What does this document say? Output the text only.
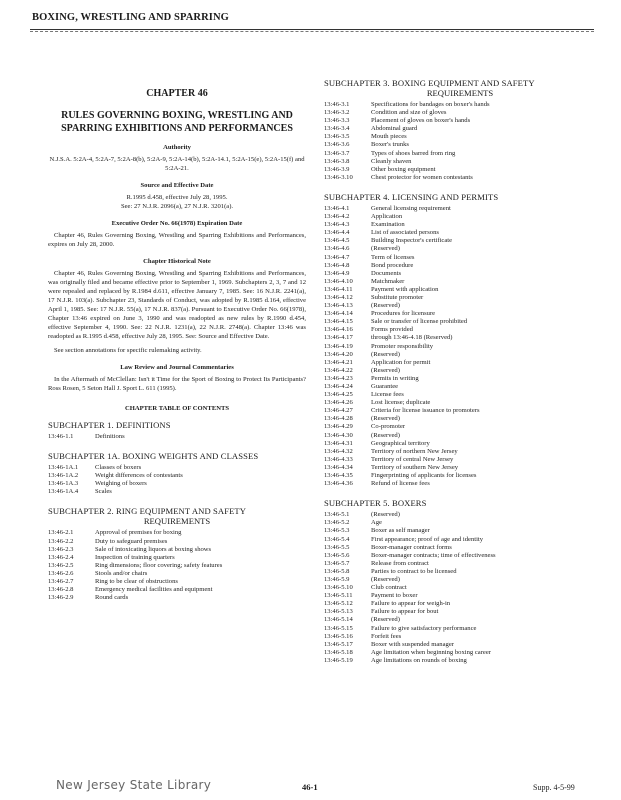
BOXING, WRESTLING AND SPARRING
CHAPTER 46
RULES GOVERNING BOXING, WRESTLING AND SPARRING EXHIBITIONS AND PERFORMANCES
Authority
N.J.S.A. 5:2A-4, 5:2A-7, 5:2A-8(b), 5:2A-9, 5:2A-14(b), 5:2A-14.1, 5:2A-15(e), 5:2A-15(f) and 5:2A-21.
Source and Effective Date
R.1995 d.458, effective July 28, 1995.
See: 27 N.J.R. 2096(a), 27 N.J.R. 3201(a).
Executive Order No. 66(1978) Expiration Date
Chapter 46, Rules Governing Boxing, Wrestling and Sparring Exhibitions and Performances, expires on July 28, 2000.
Chapter Historical Note
Chapter 46, Rules Governing Boxing, Wrestling and Sparring Exhibitions and Performances, was originally filed and became effective prior to September 1, 1969. Subchapters 2, 3, 7 and 12 were repealed and replaced by R.1984 d.611, effective January 7, 1985. See: 16 N.J.R. 2241(a), 17 N.J.R. 103(a). Subchapter 23, Standards of Conduct, was adopted by R.1985 d.164, effective April 1, 1985. See: 17 N.J.R. 55(a), 17 N.J.R. 837(a). Pursuant to Executive Order No. 66(1978), Chapter 13:46 expired on June 3, 1990 and was readopted as new rules by R.1990 d.454, effective September 4, 1990. See: 22 N.J.R. 1231(a), 22 N.J.R. 2748(a). Chapter 13:46 was readopted as R.1995 d.458, effective July 28, 1995. See: Source and Effective Date.
See section annotations for specific rulemaking activity.
Law Review and Journal Commentaries
In the Aftermath of McClellan: Isn't it Time for the Sport of Boxing to Protect Its Participants? Ross Rosen, 5 Seton Hall J. Sport L. 611 (1995).
CHAPTER TABLE OF CONTENTS
SUBCHAPTER 1. DEFINITIONS
13:46-1.1	Definitions
SUBCHAPTER 1A. BOXING WEIGHTS AND CLASSES
13:46-1A.1	Classes of boxers
13:46-1A.2	Weight differences of contestants
13:46-1A.3	Weighing of boxers
13:46-1A.4	Scales
SUBCHAPTER 2. RING EQUIPMENT AND SAFETY
REQUIREMENTS
13:46-2.1	Approval of premises for boxing
13:46-2.2	Duty to safeguard premises
13:46-2.3	Sale of intoxicating liquors at boxing shows
13:46-2.4	Inspection of training quarters
13:46-2.5	Ring dimensions; floor covering; safety features
13:46-2.6	Stools and/or chairs
13:46-2.7	Ring to be clear of obstructions
13:46-2.8	Emergency medical facilities and equipment
13:46-2.9	Round cards
SUBCHAPTER 3. BOXING EQUIPMENT AND SAFETY
REQUIREMENTS
13:46-3.1	Specifications for bandages on boxer's hands
13:46-3.2	Condition and size of gloves
13:46-3.3	Placement of gloves on boxer's hands
13:46-3.4	Abdominal guard
13:46-3.5	Mouth pieces
13:46-3.6	Boxer's trunks
13:46-3.7	Types of shoes barred from ring
13:46-3.8	Cleanly shaven
13:46-3.9	Other boxing equipment
13:46-3.10	Chest protector for women contestants
SUBCHAPTER 4. LICENSING AND PERMITS
13:46-4.1	General licensing requirement
13:46-4.2	Application
13:46-4.3	Examination
13:46-4.4	List of associated persons
13:46-4.5	Building Inspector's certificate
13:46-4.6	(Reserved)
13:46-4.7	Term of licenses
13:46-4.8	Bond procedure
13:46-4.9	Documents
13:46-4.10	Matchmaker
13:46-4.11	Payment with application
13:46-4.12	Substitute promoter
13:46-4.13	(Reserved)
13:46-4.14	Procedures for licensure
13:46-4.15	Sale or transfer of license prohibited
13:46-4.16	Forms provided
13:46-4.17	through 13:46-4.18 (Reserved)
13:46-4.19	Promoter responsibility
13:46-4.20	(Reserved)
13:46-4.21	Application for permit
13:46-4.22	(Reserved)
13:46-4.23	Permits in writing
13:46-4.24	Guarantee
13:46-4.25	License fees
13:46-4.26	Lost license; duplicate
13:46-4.27	Criteria for license issuance to promoters
13:46-4.28	(Reserved)
13:46-4.29	Co-promoter
13:46-4.30	(Reserved)
13:46-4.31	Geographical territory
13:46-4.32	Territory of northern New Jersey
13:46-4.33	Territory of central New Jersey
13:46-4.34	Territory of southern New Jersey
13:46-4.35	Fingerprinting of applicants for licenses
13:46-4.36	Refund of license fees
SUBCHAPTER 5. BOXERS
13:46-5.1	(Reserved)
13:46-5.2	Age
13:46-5.3	Boxer as self manager
13:46-5.4	First appearance; proof of age and identity
13:46-5.5	Boxer-manager contract forms
13:46-5.6	Boxer-manager contracts; time of effectiveness
13:46-5.7	Release from contract
13:46-5.8	Parties to contract to be licensed
13:46-5.9	(Reserved)
13:46-5.10	Club contract
13:46-5.11	Payment to boxer
13:46-5.12	Failure to appear for weigh-in
13:46-5.13	Failure to appear for bout
13:46-5.14	(Reserved)
13:46-5.15	Failure to give satisfactory performance
13:46-5.16	Forfeit fees
13:46-5.17	Boxer with suspended manager
13:46-5.18	Age limitation when beginning boxing career
13:46-5.19	Age limitations on rounds of boxing
New Jersey State Library	46-1	Supp. 4-5-99
